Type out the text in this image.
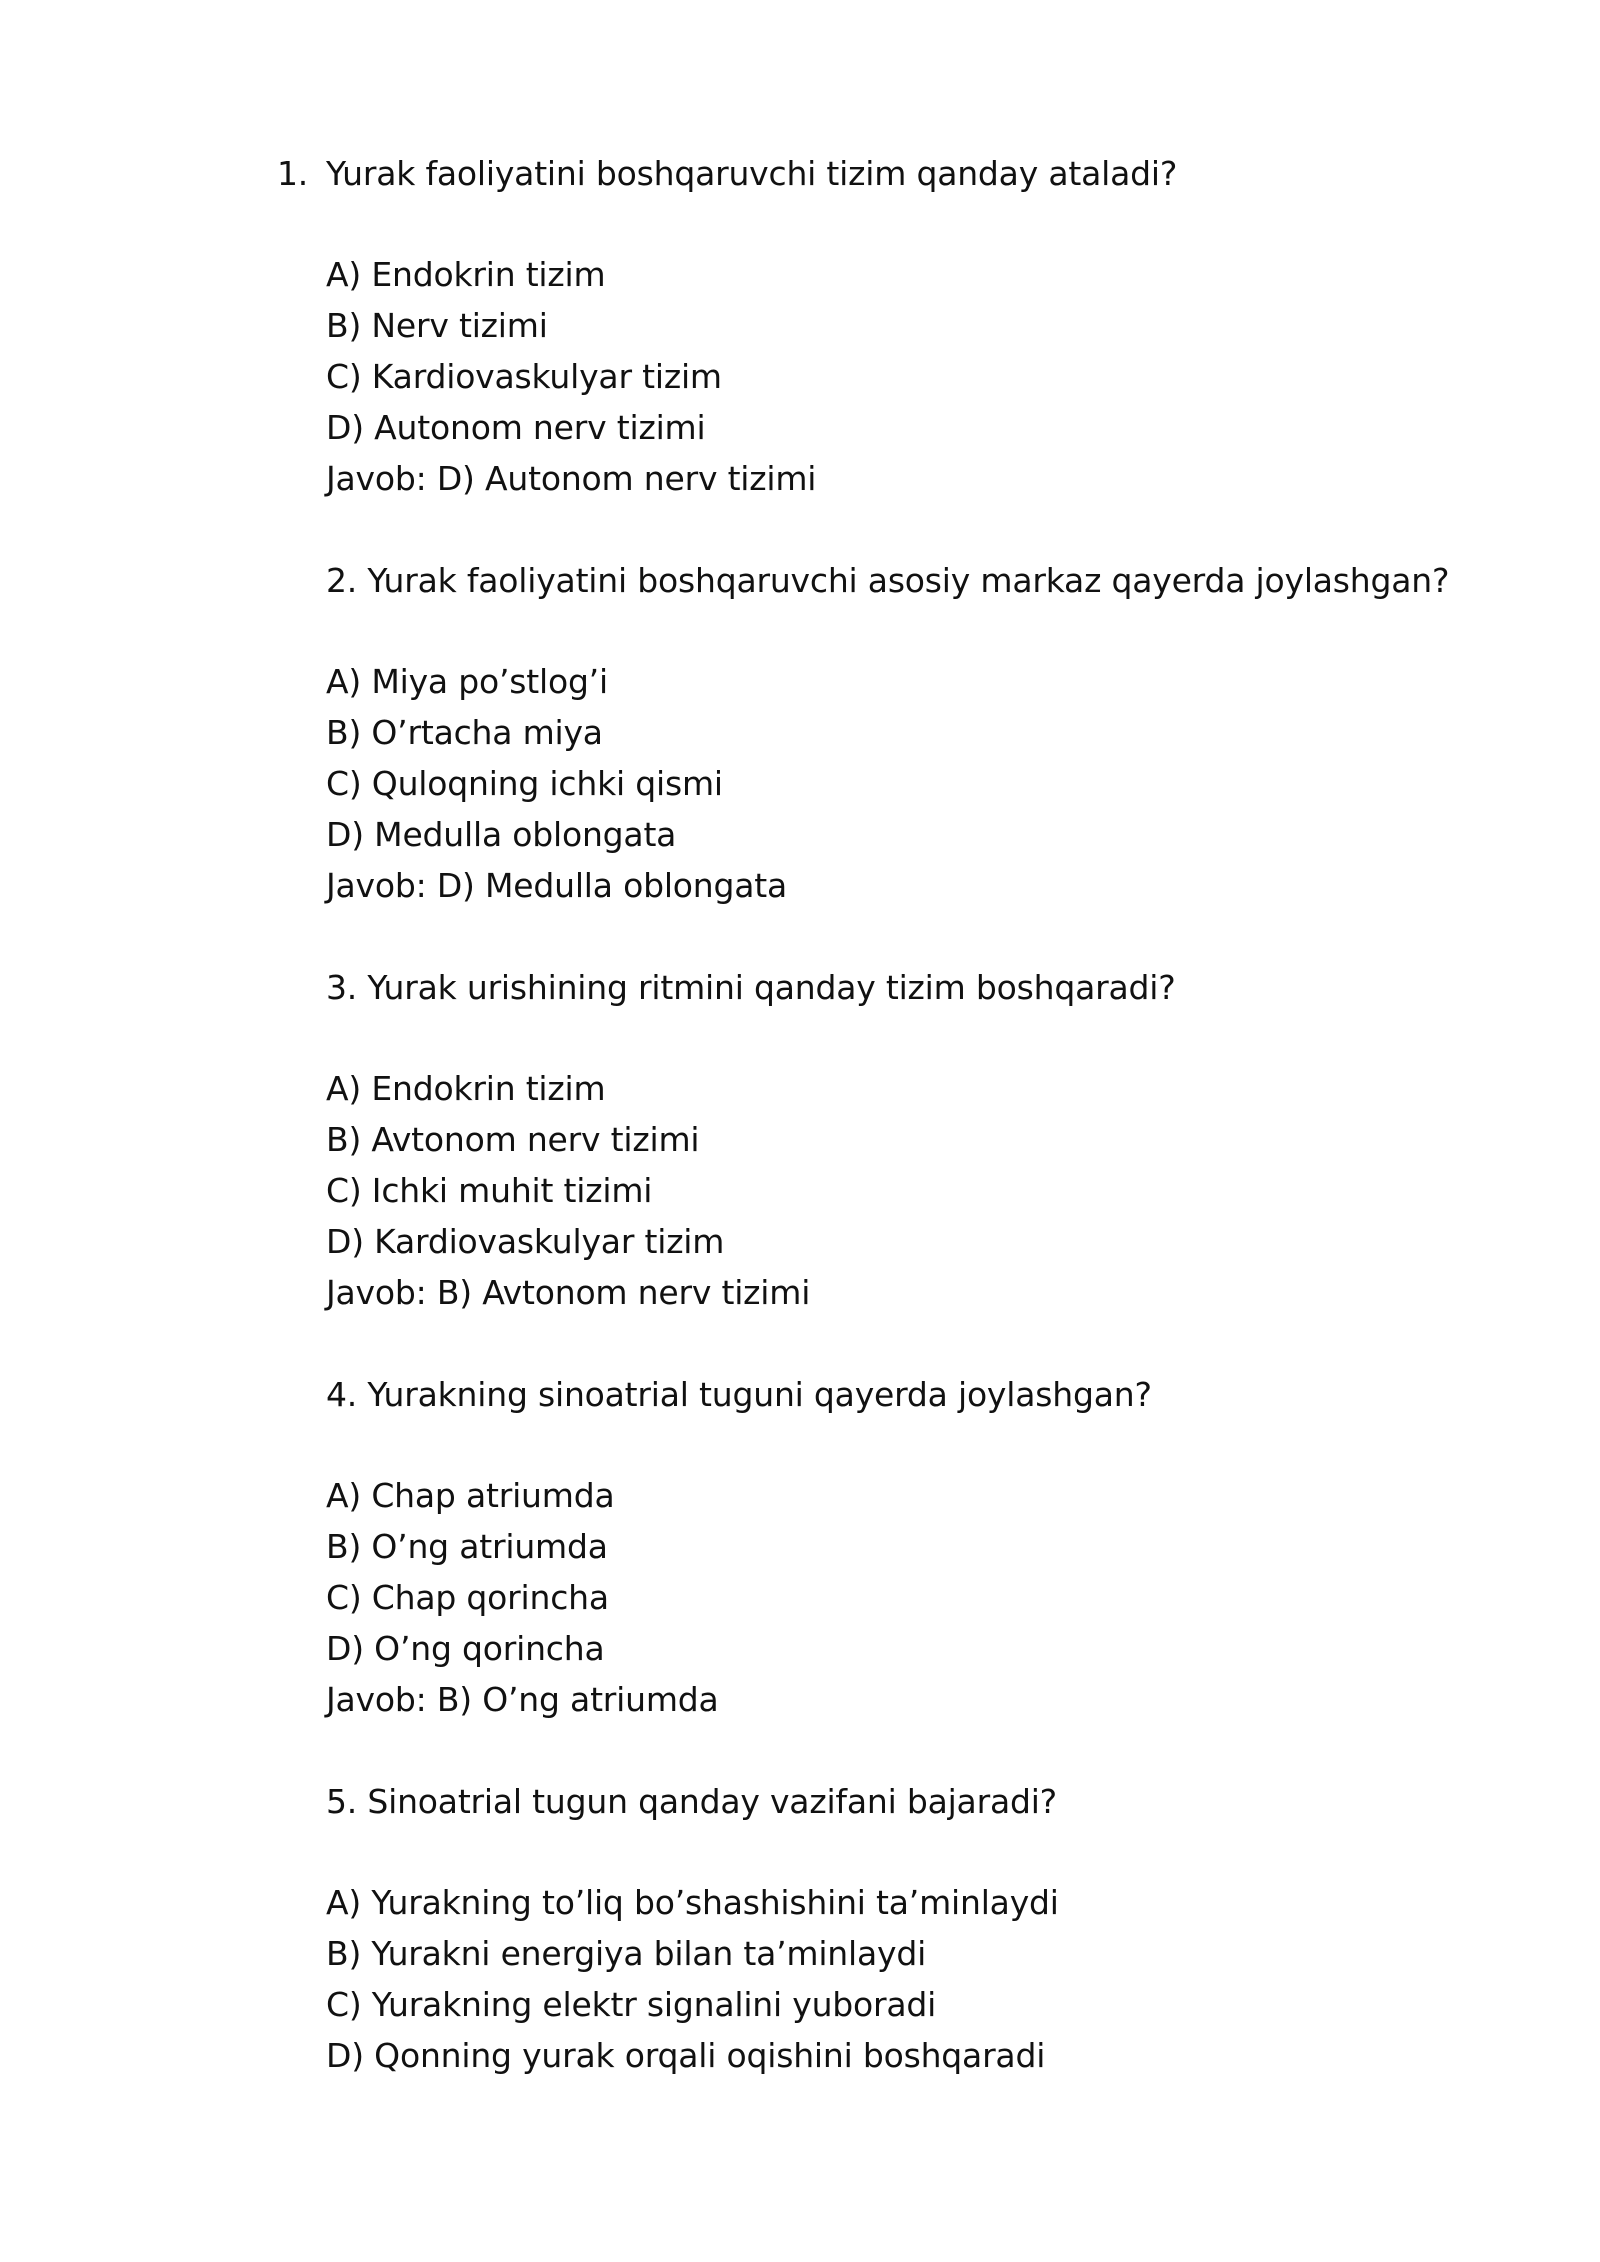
1. Yurak faoliyatini boshqaruvchi tizim qanday ataladi?
A) Endokrin tizim
B) Nerv tizimi
C) Kardiovaskulyar tizim
D) Autonom nerv tizimi
Javob: D) Autonom nerv tizimi
2. Yurak faoliyatini boshqaruvchi asosiy markaz qayerda joylashgan?
A) Miya po’stlog’i
B) O’rtacha miya
C) Quloqning ichki qismi
D) Medulla oblongata
Javob: D) Medulla oblongata
3. Yurak urishining ritmini qanday tizim boshqaradi?
A) Endokrin tizim
B) Avtonom nerv tizimi
C) Ichki muhit tizimi
D) Kardiovaskulyar tizim
Javob: B) Avtonom nerv tizimi
4. Yurakning sinoatrial tuguni qayerda joylashgan?
A) Chap atriumda
B) O’ng atriumda
C) Chap qorincha
D) O’ng qorincha
Javob: B) O’ng atriumda
5. Sinoatrial tugun qanday vazifani bajaradi?
A) Yurakning to’liq bo’shashishini ta’minlaydi
B) Yurakni energiya bilan ta’minlaydi
C) Yurakning elektr signalini yuboradi
D) Qonning yurak orqali oqishini boshqaradi
